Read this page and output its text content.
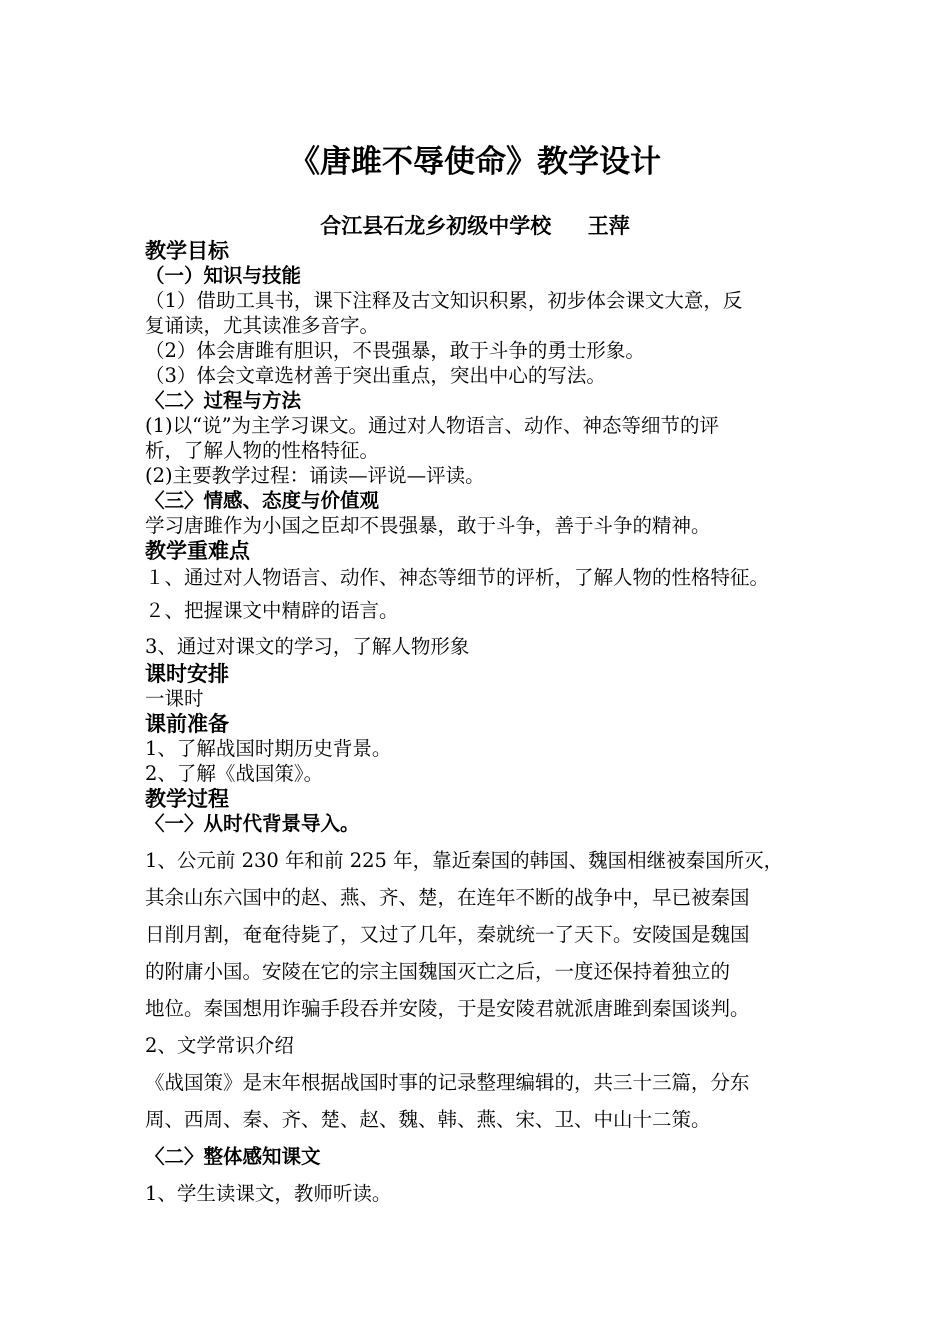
《唐雎不辱使命》教学设计
合江县石龙乡初级中学校     王萍
教学目标
（一）知识与技能
（1）借助工具书，课下注释及古文知识积累，初步体会课文大意，反
复诵读，尤其读准多音字。
（2）体会唐雎有胆识，不畏强暴，敢于斗争的勇士形象。
（3）体会文章选材善于突出重点，突出中心的写法。
〈二〉过程与方法
(1)以“说”为主学习课文。通过对人物语言、动作、神态等细节的评
析，了解人物的性格特征。
(2)主要教学过程：诵读—评说—评读。
〈三〉情感、态度与价值观
学习唐雎作为小国之臣却不畏强暴，敢于斗争，善于斗争的精神。
教学重难点
１、通过对人物语言、动作、神态等细节的评析，了解人物的性格特征。
２、把握课文中精辟的语言。
3、通过对课文的学习，了解人物形象
课时安排
一课时
课前准备
1、了解战国时期历史背景。
2、了解《战国策》。
教学过程
〈一〉从时代背景导入。
1、公元前 230 年和前 225 年，靠近秦国的韩国、魏国相继被秦国所灭，
其余山东六国中的赵、燕、齐、楚，在连年不断的战争中，早已被秦国
日削月割，奄奄待毙了，又过了几年，秦就统一了天下。安陵国是魏国
的附庸小国。安陵在它的宗主国魏国灭亡之后，一度还保持着独立的
地位。秦国想用诈骗手段吞并安陵，于是安陵君就派唐雎到秦国谈判。
2、文学常识介绍
《战国策》是末年根据战国时事的记录整理编辑的，共三十三篇，分东
周、西周、秦、齐、楚、赵、魏、韩、燕、宋、卫、中山十二策。
〈二〉整体感知课文
1、学生读课文，教师听读。
